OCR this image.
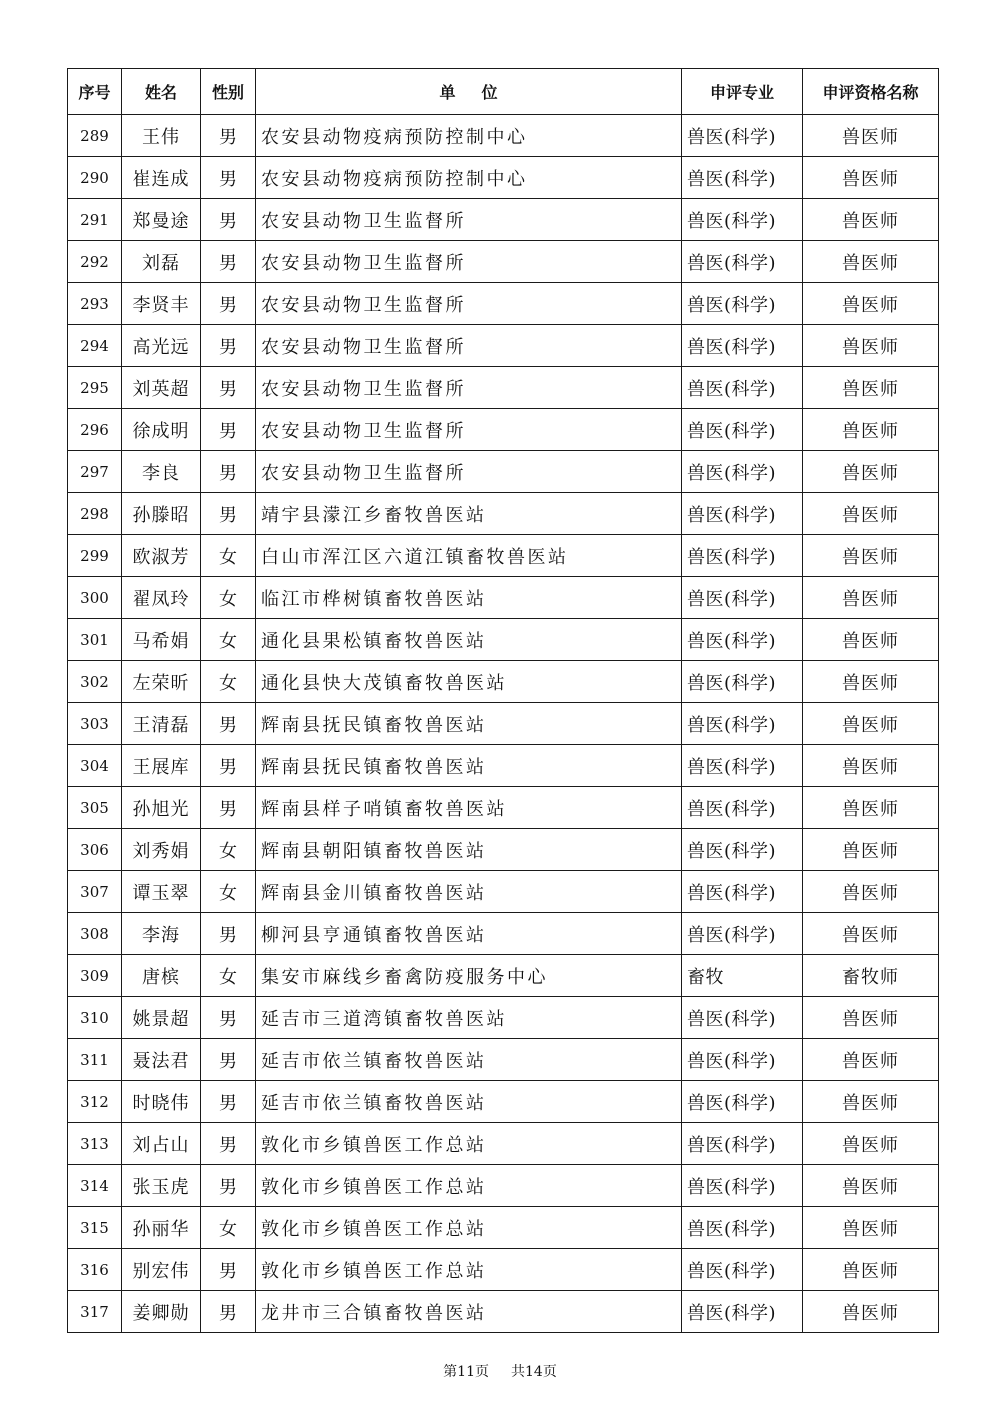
序号	姓名	性别	单位	申评专业	申评资格名称
289	王伟	男	农安县动物疫病预防控制中心	兽医(科学)	兽医师
290	崔连成	男	农安县动物疫病预防控制中心	兽医(科学)	兽医师
291	郑曼途	男	农安县动物卫生监督所	兽医(科学)	兽医师
292	刘磊	男	农安县动物卫生监督所	兽医(科学)	兽医师
293	李贤丰	男	农安县动物卫生监督所	兽医(科学)	兽医师
294	高光远	男	农安县动物卫生监督所	兽医(科学)	兽医师
295	刘英超	男	农安县动物卫生监督所	兽医(科学)	兽医师
296	徐成明	男	农安县动物卫生监督所	兽医(科学)	兽医师
297	李良	男	农安县动物卫生监督所	兽医(科学)	兽医师
298	孙滕昭	男	靖宇县濛江乡畜牧兽医站	兽医(科学)	兽医师
299	欧淑芳	女	白山市浑江区六道江镇畜牧兽医站	兽医(科学)	兽医师
300	翟凤玲	女	临江市桦树镇畜牧兽医站	兽医(科学)	兽医师
301	马希娟	女	通化县果松镇畜牧兽医站	兽医(科学)	兽医师
302	左荣昕	女	通化县快大茂镇畜牧兽医站	兽医(科学)	兽医师
303	王清磊	男	辉南县抚民镇畜牧兽医站	兽医(科学)	兽医师
304	王展库	男	辉南县抚民镇畜牧兽医站	兽医(科学)	兽医师
305	孙旭光	男	辉南县样子哨镇畜牧兽医站	兽医(科学)	兽医师
306	刘秀娟	女	辉南县朝阳镇畜牧兽医站	兽医(科学)	兽医师
307	谭玉翠	女	辉南县金川镇畜牧兽医站	兽医(科学)	兽医师
308	李海	男	柳河县亨通镇畜牧兽医站	兽医(科学)	兽医师
309	唐槟	女	集安市麻线乡畜禽防疫服务中心	畜牧	畜牧师
310	姚景超	男	延吉市三道湾镇畜牧兽医站	兽医(科学)	兽医师
311	聂法君	男	延吉市依兰镇畜牧兽医站	兽医(科学)	兽医师
312	时晓伟	男	延吉市依兰镇畜牧兽医站	兽医(科学)	兽医师
313	刘占山	男	敦化市乡镇兽医工作总站	兽医(科学)	兽医师
314	张玉虎	男	敦化市乡镇兽医工作总站	兽医(科学)	兽医师
315	孙丽华	女	敦化市乡镇兽医工作总站	兽医(科学)	兽医师
316	别宏伟	男	敦化市乡镇兽医工作总站	兽医(科学)	兽医师
317	姜卿勋	男	龙井市三合镇畜牧兽医站	兽医(科学)	兽医师
第11页 共14页
